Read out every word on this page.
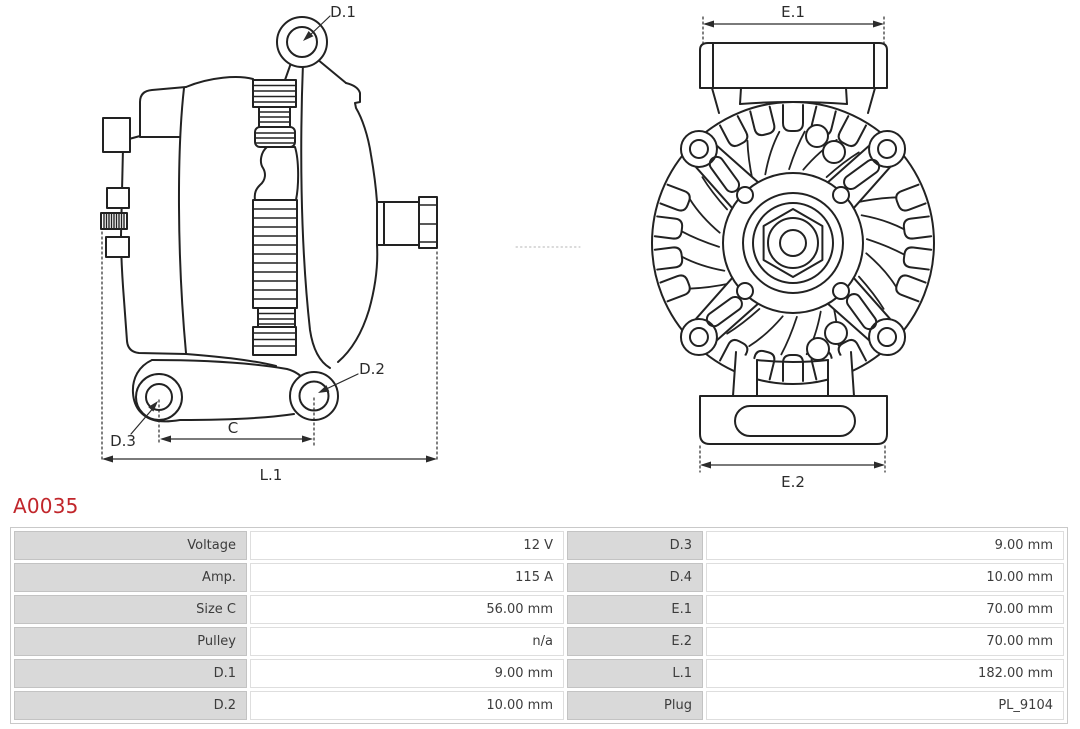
D.1
D.2
D.3
C
L.1
E.1
E.2
A0035
Voltage	12 V	D.3	9.00 mm
Amp.	115 A	D.4	10.00 mm
Size C	56.00 mm	E.1	70.00 mm
Pulley	n/a	E.2	70.00 mm
D.1	9.00 mm	L.1	182.00 mm
D.2	10.00 mm	Plug	PL_9104
